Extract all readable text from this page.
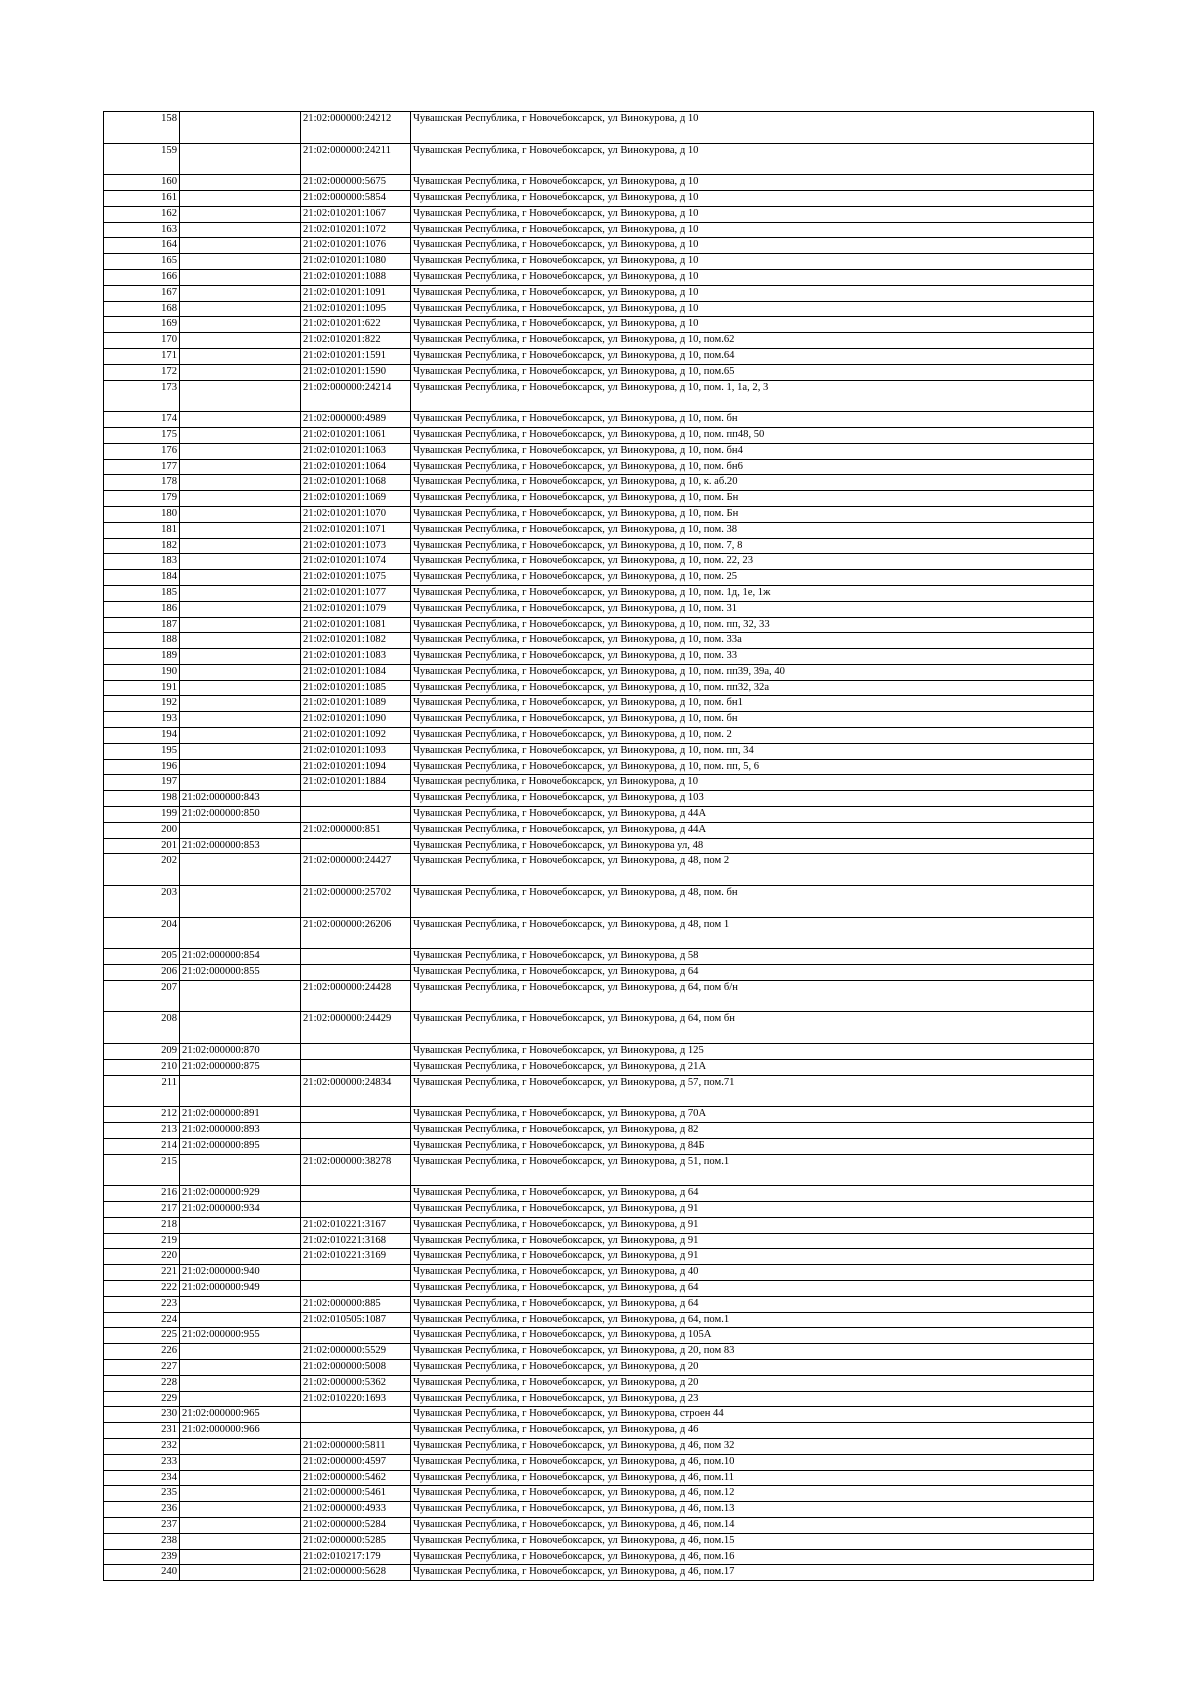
158		21:02:000000:24212	Чувашская Республика, г Новочебоксарск, ул Винокурова, д 10
159		21:02:000000:24211	Чувашская Республика, г Новочебоксарск, ул Винокурова, д 10
160		21:02:000000:5675	Чувашская Республика, г Новочебоксарск, ул Винокурова, д 10
161		21:02:000000:5854	Чувашская Республика, г Новочебоксарск, ул Винокурова, д 10
162		21:02:010201:1067	Чувашская Республика, г Новочебоксарск, ул Винокурова, д 10
163		21:02:010201:1072	Чувашская Республика, г Новочебоксарск, ул Винокурова, д 10
164		21:02:010201:1076	Чувашская Республика, г Новочебоксарск, ул Винокурова, д 10
165		21:02:010201:1080	Чувашская Республика, г Новочебоксарск, ул Винокурова, д 10
166		21:02:010201:1088	Чувашская Республика, г Новочебоксарск, ул Винокурова, д 10
167		21:02:010201:1091	Чувашская Республика, г Новочебоксарск, ул Винокурова, д 10
168		21:02:010201:1095	Чувашская Республика, г Новочебоксарск, ул Винокурова, д 10
169		21:02:010201:622	Чувашская Республика, г Новочебоксарск, ул Винокурова, д 10
170		21:02:010201:822	Чувашская Республика, г Новочебоксарск, ул Винокурова, д 10, пом.62
171		21:02:010201:1591	Чувашская Республика, г Новочебоксарск, ул Винокурова, д 10, пом.64
172		21:02:010201:1590	Чувашская Республика, г Новочебоксарск, ул Винокурова, д 10, пом.65
173		21:02:000000:24214	Чувашская Республика, г Новочебоксарск, ул Винокурова, д 10, пом. 1, 1а, 2, 3
174		21:02:000000:4989	Чувашская Республика, г Новочебоксарск, ул Винокурова, д 10, пом. бн
175		21:02:010201:1061	Чувашская Республика, г Новочебоксарск, ул Винокурова, д 10, пом. пп48, 50
176		21:02:010201:1063	Чувашская Республика, г Новочебоксарск, ул Винокурова, д 10, пом. бн4
177		21:02:010201:1064	Чувашская Республика, г Новочебоксарск, ул Винокурова, д 10, пом. бн6
178		21:02:010201:1068	Чувашская Республика, г Новочебоксарск, ул Винокурова, д 10, к. аб.20
179		21:02:010201:1069	Чувашская Республика, г Новочебоксарск, ул Винокурова, д 10, пом. Бн
180		21:02:010201:1070	Чувашская Республика, г Новочебоксарск, ул Винокурова, д 10, пом. Бн
181		21:02:010201:1071	Чувашская Республика, г Новочебоксарск, ул Винокурова, д 10, пом. 38
182		21:02:010201:1073	Чувашская Республика, г Новочебоксарск, ул Винокурова, д 10, пом. 7, 8
183		21:02:010201:1074	Чувашская Республика, г Новочебоксарск, ул Винокурова, д 10, пом. 22, 23
184		21:02:010201:1075	Чувашская Республика, г Новочебоксарск, ул Винокурова, д 10, пом. 25
185		21:02:010201:1077	Чувашская Республика, г Новочебоксарск, ул Винокурова, д 10, пом. 1д, 1е, 1ж
186		21:02:010201:1079	Чувашская Республика, г Новочебоксарск, ул Винокурова, д 10, пом. 31
187		21:02:010201:1081	Чувашская Республика, г Новочебоксарск, ул Винокурова, д 10, пом. пп, 32, 33
188		21:02:010201:1082	Чувашская Республика, г Новочебоксарск, ул Винокурова, д 10, пом. 33а
189		21:02:010201:1083	Чувашская Республика, г Новочебоксарск, ул Винокурова, д 10, пом. 33
190		21:02:010201:1084	Чувашская Республика, г Новочебоксарск, ул Винокурова, д 10, пом. пп39, 39а, 40
191		21:02:010201:1085	Чувашская Республика, г Новочебоксарск, ул Винокурова, д 10, пом. пп32, 32а
192		21:02:010201:1089	Чувашская Республика, г Новочебоксарск, ул Винокурова, д 10, пом. бн1
193		21:02:010201:1090	Чувашская Республика, г Новочебоксарск, ул Винокурова, д 10, пом. бн
194		21:02:010201:1092	Чувашская Республика, г Новочебоксарск, ул Винокурова, д 10, пом. 2
195		21:02:010201:1093	Чувашская Республика, г Новочебоксарск, ул Винокурова, д 10, пом. пп, 34
196		21:02:010201:1094	Чувашская Республика, г Новочебоксарск, ул Винокурова, д 10, пом. пп, 5, 6
197		21:02:010201:1884	Чувашская республика, г Новочебоксарск, ул Винокурова, д 10
198	21:02:000000:843		Чувашская Республика, г Новочебоксарск, ул Винокурова, д 103
199	21:02:000000:850		Чувашская Республика, г Новочебоксарск, ул Винокурова, д 44А
200		21:02:000000:851	Чувашская Республика, г Новочебоксарск, ул Винокурова, д 44А
201	21:02:000000:853		Чувашская Республика, г Новочебоксарск, ул Винокурова ул, 48
202		21:02:000000:24427	Чувашская Республика, г Новочебоксарск, ул Винокурова, д 48, пом 2
203		21:02:000000:25702	Чувашская Республика, г Новочебоксарск, ул Винокурова, д 48, пом. бн
204		21:02:000000:26206	Чувашская Республика, г Новочебоксарск, ул Винокурова, д 48, пом 1
205	21:02:000000:854		Чувашская Республика, г Новочебоксарск, ул Винокурова, д 58
206	21:02:000000:855		Чувашская Республика, г Новочебоксарск, ул Винокурова, д 64
207		21:02:000000:24428	Чувашская Республика, г Новочебоксарск, ул Винокурова, д 64, пом б/н
208		21:02:000000:24429	Чувашская Республика, г Новочебоксарск, ул Винокурова, д 64, пом бн
209	21:02:000000:870		Чувашская Республика, г Новочебоксарск, ул Винокурова, д 125
210	21:02:000000:875		Чувашская Республика, г Новочебоксарск, ул Винокурова, д 21А
211		21:02:000000:24834	Чувашская Республика, г Новочебоксарск, ул Винокурова, д 57, пом.71
212	21:02:000000:891		Чувашская Республика, г Новочебоксарск, ул Винокурова, д 70А
213	21:02:000000:893		Чувашская Республика, г Новочебоксарск, ул Винокурова, д 82
214	21:02:000000:895		Чувашская Республика, г Новочебоксарск, ул Винокурова, д 84Б
215		21:02:000000:38278	Чувашская Республика, г Новочебоксарск, ул Винокурова, д 51, пом.1
216	21:02:000000:929		Чувашская Республика, г Новочебоксарск, ул Винокурова, д 64
217	21:02:000000:934		Чувашская Республика, г Новочебоксарск, ул Винокурова, д 91
218		21:02:010221:3167	Чувашская Республика, г Новочебоксарск, ул Винокурова, д 91
219		21:02:010221:3168	Чувашская Республика, г Новочебоксарск, ул Винокурова, д 91
220		21:02:010221:3169	Чувашская Республика, г Новочебоксарск, ул Винокурова, д 91
221	21:02:000000:940		Чувашская Республика, г Новочебоксарск, ул Винокурова, д 40
222	21:02:000000:949		Чувашская Республика, г Новочебоксарск, ул Винокурова, д 64
223		21:02:000000:885	Чувашская Республика, г Новочебоксарск, ул Винокурова, д 64
224		21:02:010505:1087	Чувашская Республика, г Новочебоксарск, ул Винокурова, д 64, пом.1
225	21:02:000000:955		Чувашская Республика, г Новочебоксарск, ул Винокурова, д 105А
226		21:02:000000:5529	Чувашская Республика, г Новочебоксарск, ул Винокурова, д 20, пом 83
227		21:02:000000:5008	Чувашская Республика, г Новочебоксарск, ул Винокурова, д 20
228		21:02:000000:5362	Чувашская Республика, г Новочебоксарск, ул Винокурова, д 20
229		21:02:010220:1693	Чувашская Республика, г Новочебоксарск, ул Винокурова, д 23
230	21:02:000000:965		Чувашская Республика, г Новочебоксарск, ул Винокурова, строен 44
231	21:02:000000:966		Чувашская Республика, г Новочебоксарск, ул Винокурова, д 46
232		21:02:000000:5811	Чувашская Республика, г Новочебоксарск, ул Винокурова, д 46, пом 32
233		21:02:000000:4597	Чувашская Республика, г Новочебоксарск, ул Винокурова, д 46, пом.10
234		21:02:000000:5462	Чувашская Республика, г Новочебоксарск, ул Винокурова, д 46, пом.11
235		21:02:000000:5461	Чувашская Республика, г Новочебоксарск, ул Винокурова, д 46, пом.12
236		21:02:000000:4933	Чувашская Республика, г Новочебоксарск, ул Винокурова, д 46, пом.13
237		21:02:000000:5284	Чувашская Республика, г Новочебоксарск, ул Винокурова, д 46, пом.14
238		21:02:000000:5285	Чувашская Республика, г Новочебоксарск, ул Винокурова, д 46, пом.15
239		21:02:010217:179	Чувашская Республика, г Новочебоксарск, ул Винокурова, д 46, пом.16
240		21:02:000000:5628	Чувашская Республика, г Новочебоксарск, ул Винокурова, д 46, пом.17
